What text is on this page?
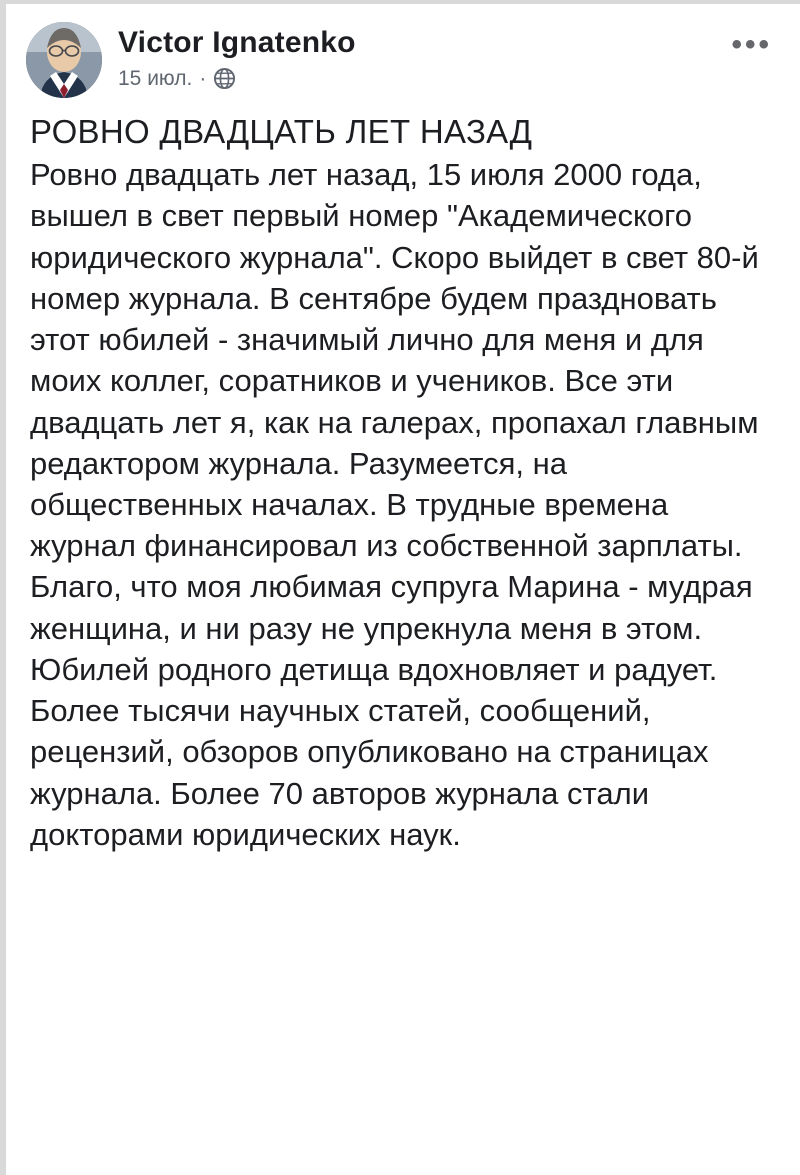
Victor Ignatenko
15 июл. ·
•••
РОВНО ДВАДЦАТЬ ЛЕТ НАЗАД
Ровно двадцать лет назад, 15 июля 2000 года, вышел в свет первый номер "Академического юридического журнала". Скоро выйдет в свет 80-й номер журнала. В сентябре будем праздновать этот юбилей - значимый лично для меня и для моих коллег, соратников и учеников. Все эти двадцать лет я, как на галерах, пропахал главным редактором журнала. Разумеется, на общественных началах. В трудные времена журнал финансировал из собственной зарплаты. Благо, что моя любимая супруга Марина - мудрая женщина, и ни разу не упрекнула меня в этом. Юбилей родного детища вдохновляет и радует. Более тысячи научных статей, сообщений, рецензий, обзоров опубликовано на страницах журнала. Более 70 авторов журнала стали докторами юридических наук.
